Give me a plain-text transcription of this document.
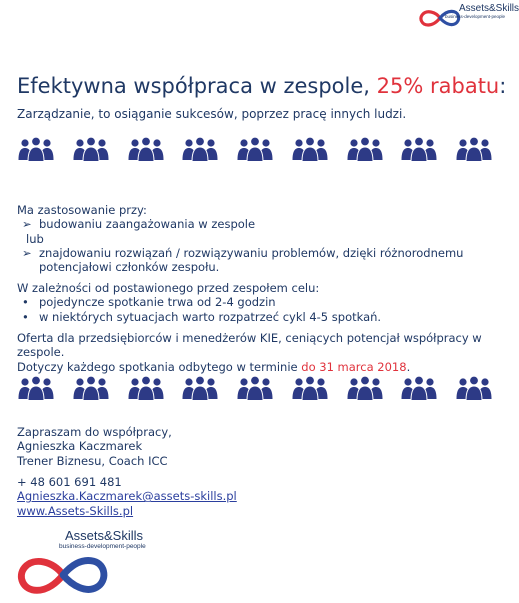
Assets&Skills
business-development-people
Efektywna współpraca w zespole, 25% rabatu:
Zarządzanie, to osiąganie sukcesów, poprzez pracę innych ludzi.
Ma zastosowanie przy:
➢ budowaniu zaangażowania w zespole
lub
➢ znajdowaniu rozwiązań / rozwiązywaniu problemów, dzięki różnorodnemu potencjałowi członków zespołu.
W zależności od postawionego przed zespołem celu:
• pojedyncze spotkanie trwa od 2-4 godzin
• w niektórych sytuacjach warto rozpatrzeć cykl 4-5 spotkań.
Oferta dla przedsiębiorców i menedżerów KIE, ceniących potencjał współpracy w zespole.
Dotyczy każdego spotkania odbytego w terminie do 31 marca 2018.
Zapraszam do współpracy,
Agnieszka Kaczmarek
Trener Biznesu, Coach ICC
+ 48 601 691 481
Agnieszka.Kaczmarek@assets-skills.pl
www.Assets-Skills.pl
Assets&Skills
business-development-people
